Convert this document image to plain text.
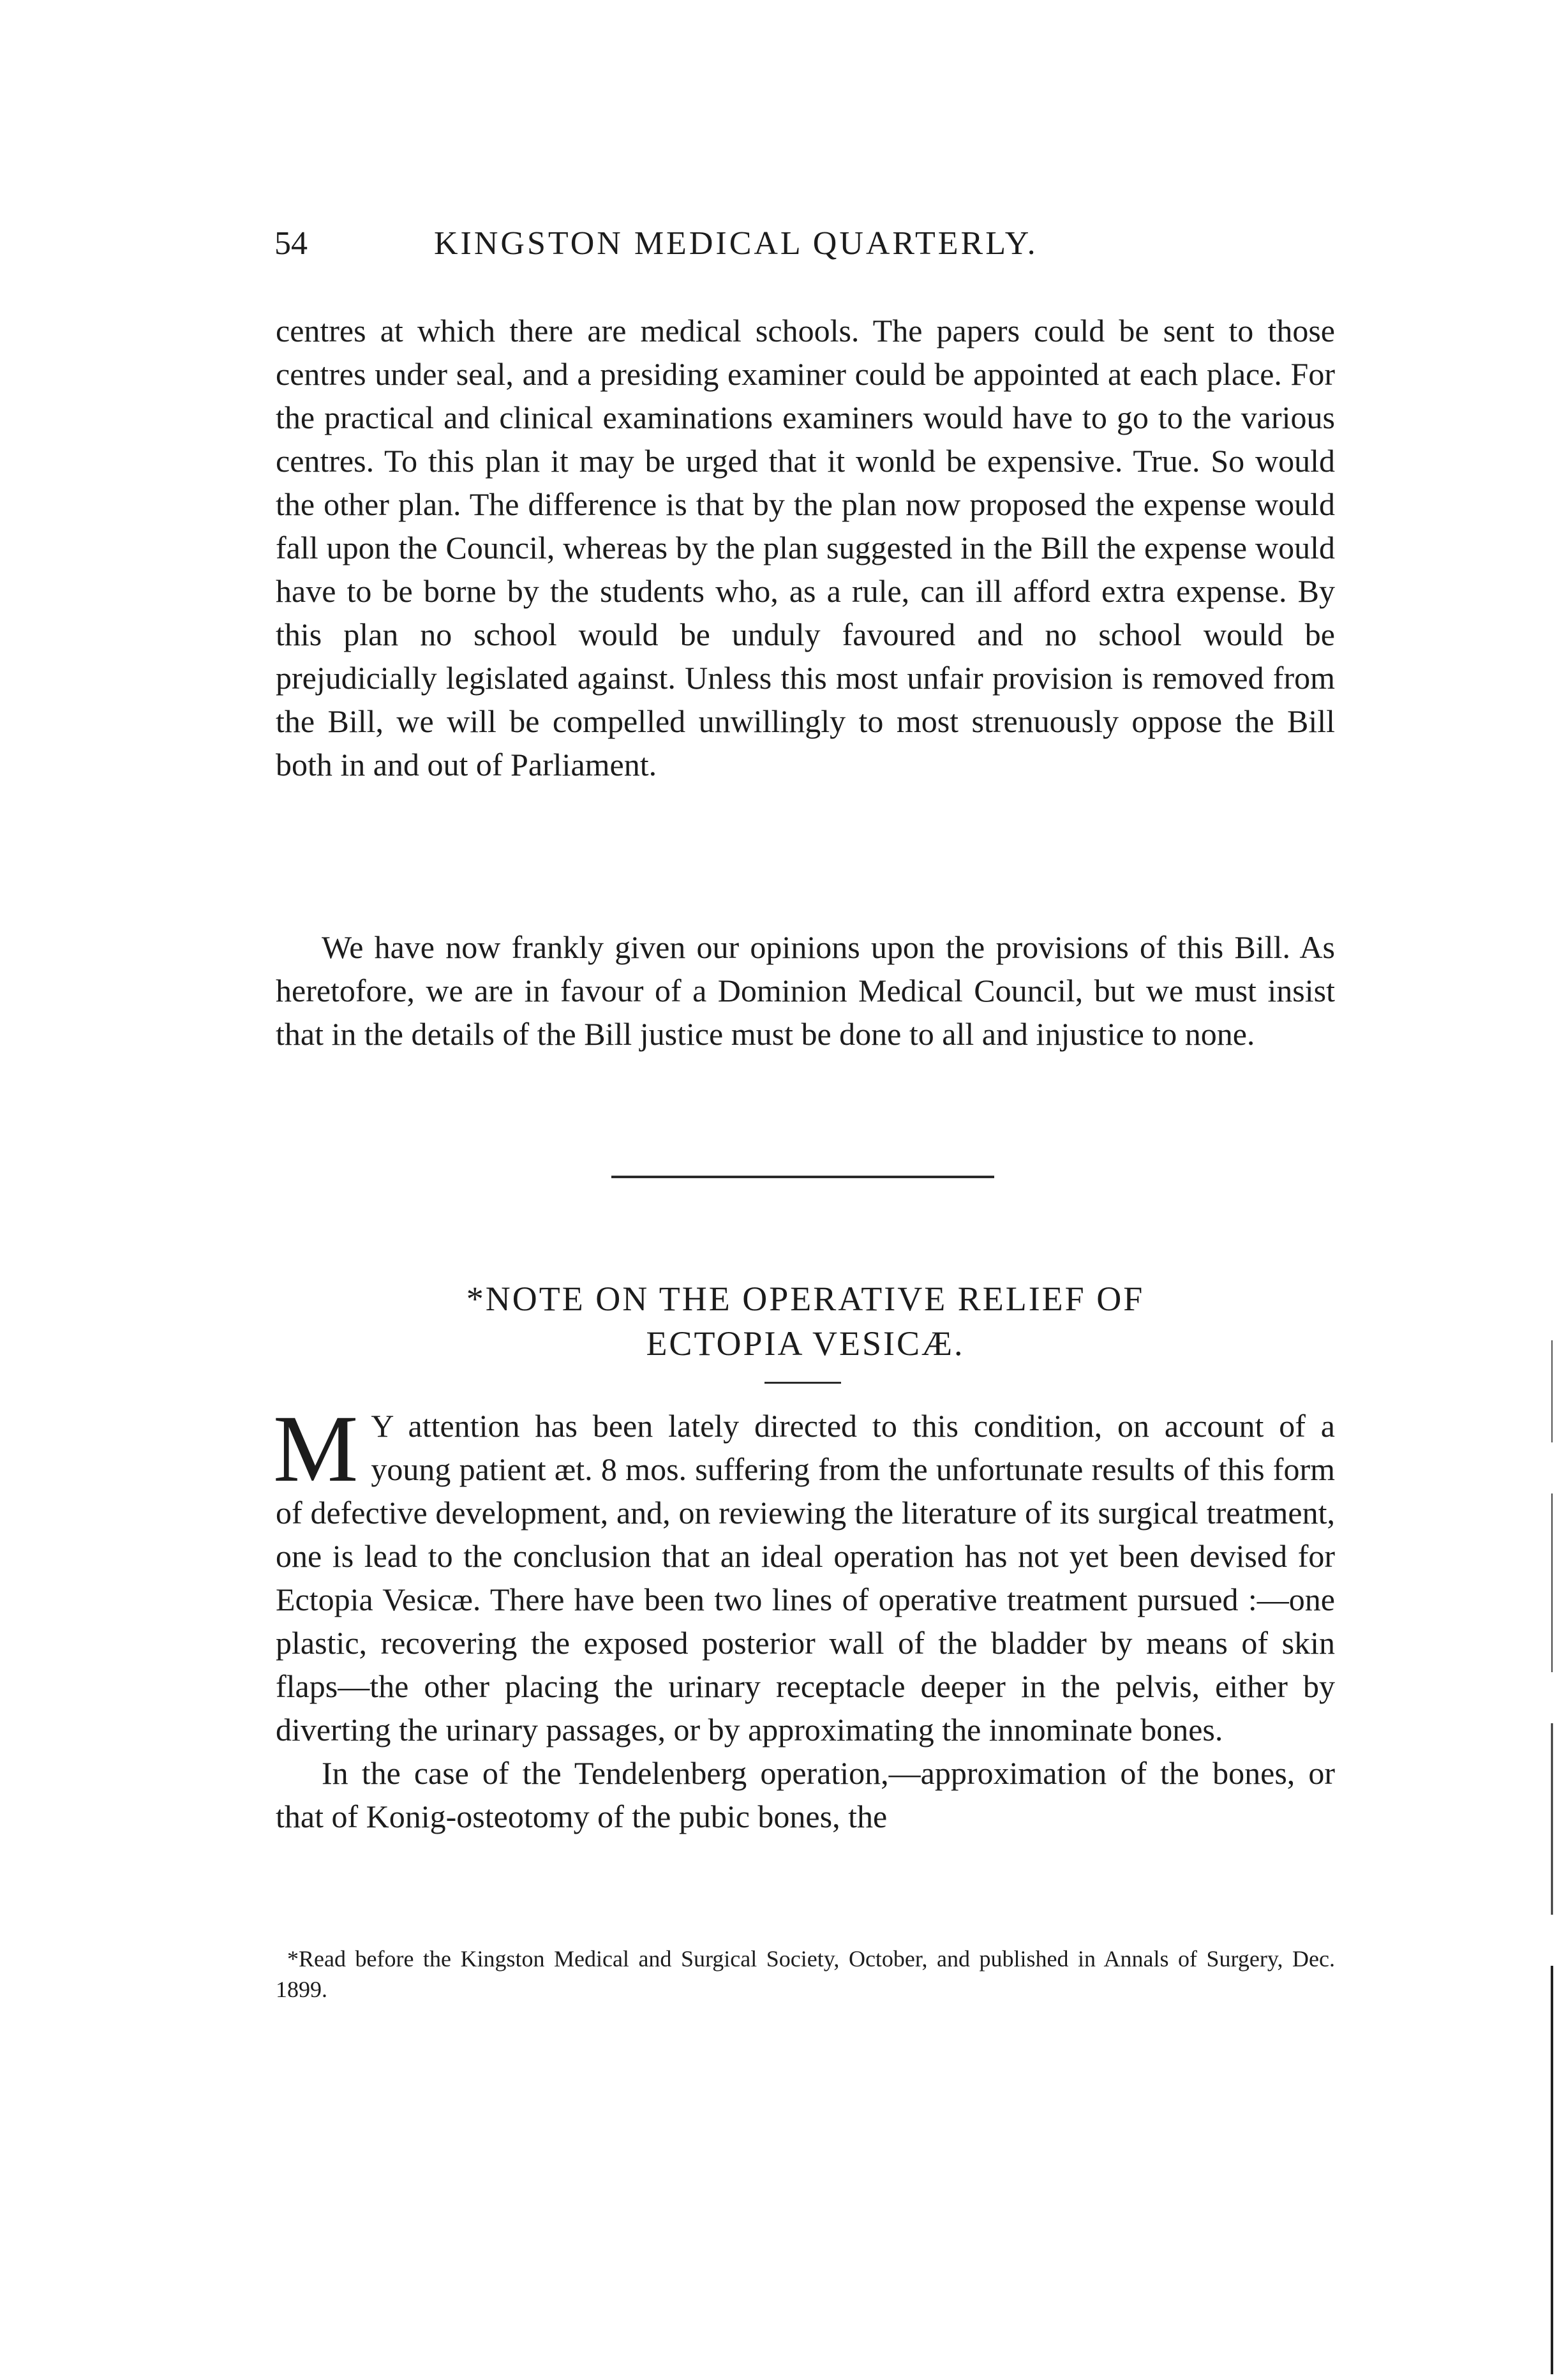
54	KINGSTON MEDICAL QUARTERLY.

centres at which there are medical schools. The papers could be sent to those centres under seal, and a presiding examiner could be appointed at each place. For the practical and clinical examinations examiners would have to go to the various centres. To this plan it may be urged that it wonld be expensive. True. So would the other plan. The difference is that by the plan now proposed the expense would fall upon the Council, whereas by the plan suggested in the Bill the expense would have to be borne by the students who, as a rule, can ill afford extra expense. By this plan no school would be unduly favoured and no school would be prejudicially legislated against. Unless this most unfair provision is removed from the Bill, we will be compelled unwillingly to most strenuously oppose the Bill both in and out of Parliament.

We have now frankly given our opinions upon the provisions of this Bill. As heretofore, we are in favour of a Dominion Medical Council, but we must insist that in the details of the Bill justice must be done to all and injustice to none.

*NOTE ON THE OPERATIVE RELIEF OF
ECTOPIA VESICÆ.

M Y attention has been lately directed to this condition, on account of a young patient æt. 8 mos. suffering from the unfortunate results of this form of defective development, and, on reviewing the literature of its surgical treatment, one is lead to the conclusion that an ideal operation has not yet been devised for Ectopia Vesicæ. There have been two lines of operative treatment pursued :—one plastic, recovering the exposed posterior wall of the bladder by means of skin flaps—the other placing the urinary receptacle deeper in the pelvis, either by diverting the urinary passages, or by approximating the innominate bones.

In the case of the Tendelenberg operation,—approximation of the bones, or that of Konig-osteotomy of the pubic bones, the

*Read before the Kingston Medical and Surgical Society, October, and published in Annals of Surgery, Dec. 1899.
